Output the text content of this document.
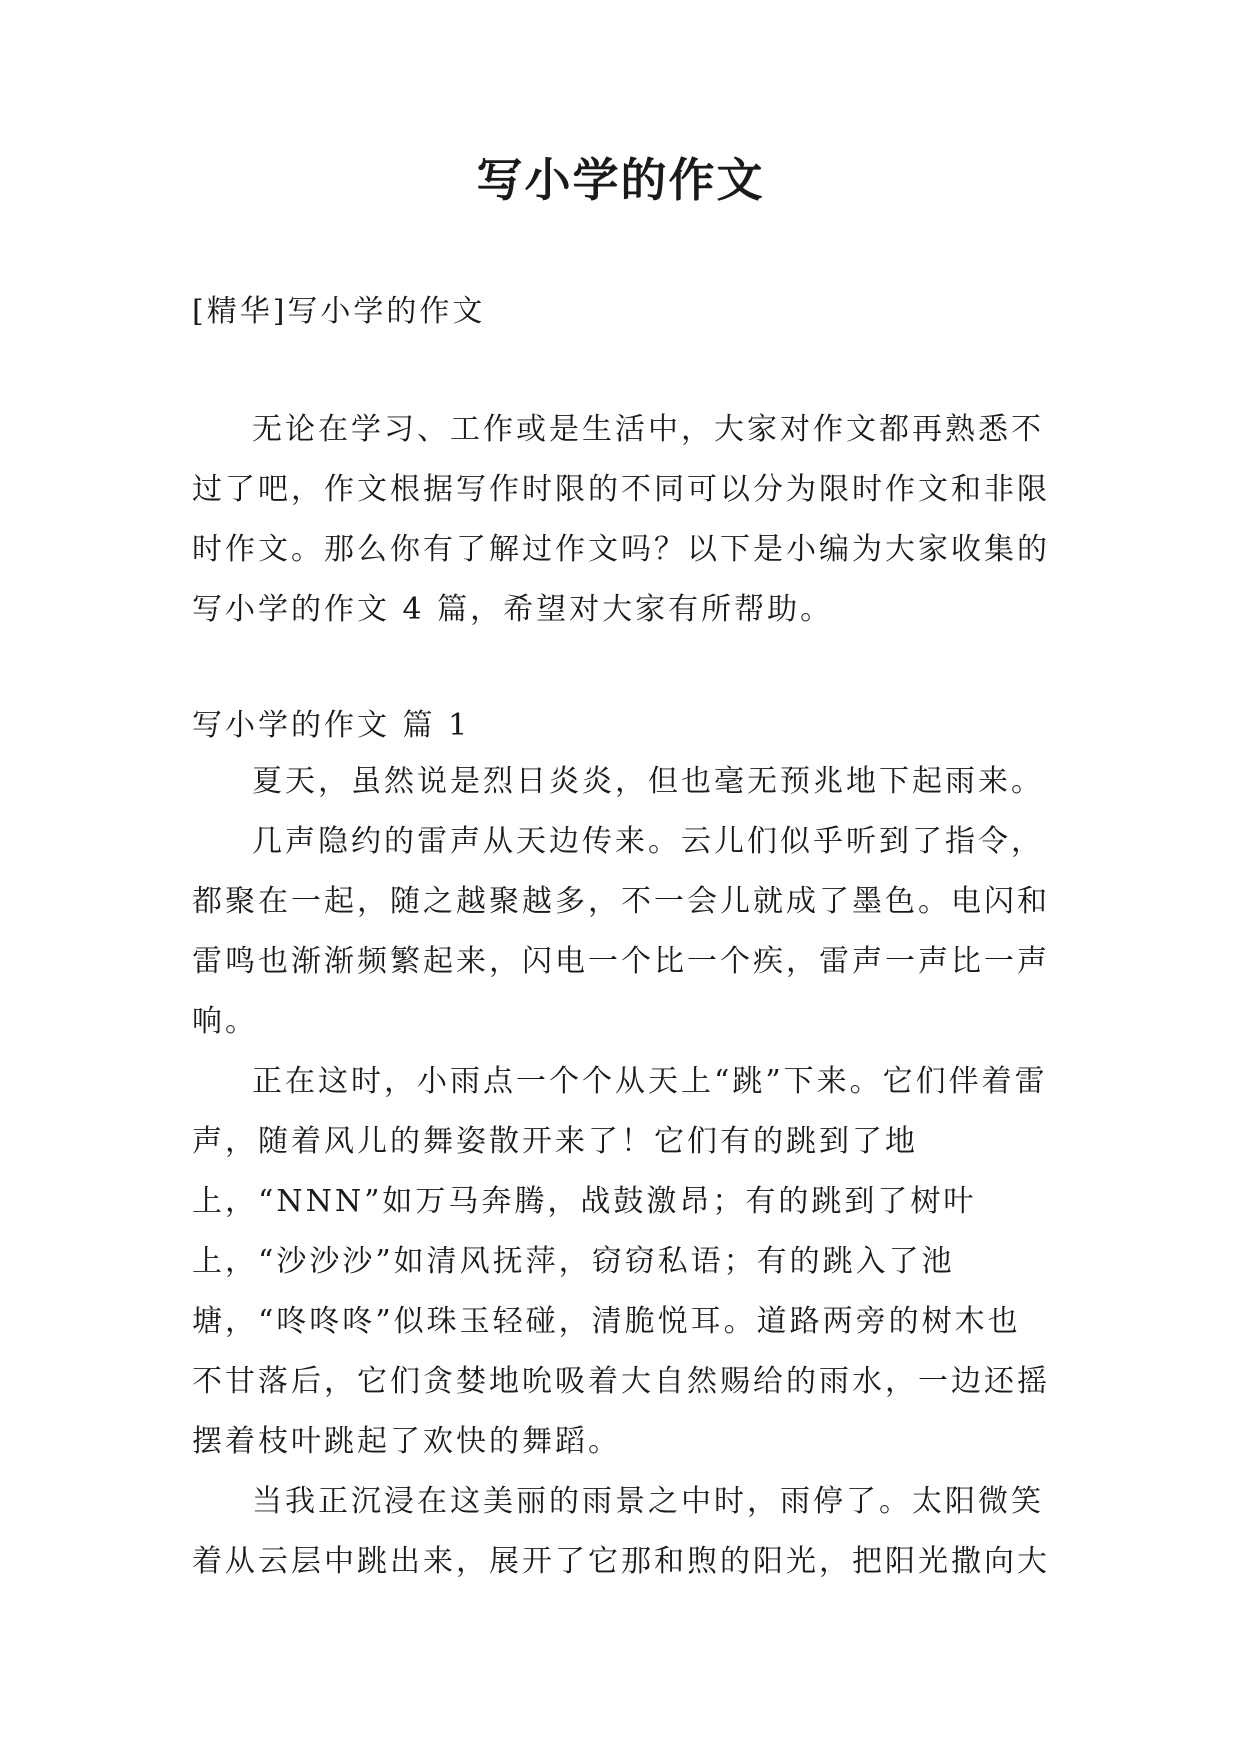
写小学的作文
[精华]写小学的作文

无论在学习、工作或是生活中，大家对作文都再熟悉不过了吧，作文根据写作时限的不同可以分为限时作文和非限时作文。那么你有了解过作文吗？以下是小编为大家收集的写小学的作文 4 篇，希望对大家有所帮助。

写小学的作文 篇 1

夏天，虽然说是烈日炎炎，但也毫无预兆地下起雨来。

几声隐约的雷声从天边传来。云儿们似乎听到了指令，都聚在一起，随之越聚越多，不一会儿就成了墨色。电闪和雷鸣也渐渐频繁起来，闪电一个比一个疾，雷声一声比一声响。

正在这时，小雨点一个个从天上“跳”下来。它们伴着雷声，随着风儿的舞姿散开来了！它们有的跳到了地上，“NNN”如万马奔腾，战鼓激昂；有的跳到了树叶上，“沙沙沙”如清风抚萍，窃窃私语；有的跳入了池塘，“咚咚咚”似珠玉轻碰，清脆悦耳。道路两旁的树木也不甘落后，它们贪婪地吮吸着大自然赐给的雨水，一边还摇摆着枝叶跳起了欢快的舞蹈。

当我正沉浸在这美丽的雨景之中时，雨停了。太阳微笑着从云层中跳出来，展开了它那和煦的阳光，把阳光撒向大
